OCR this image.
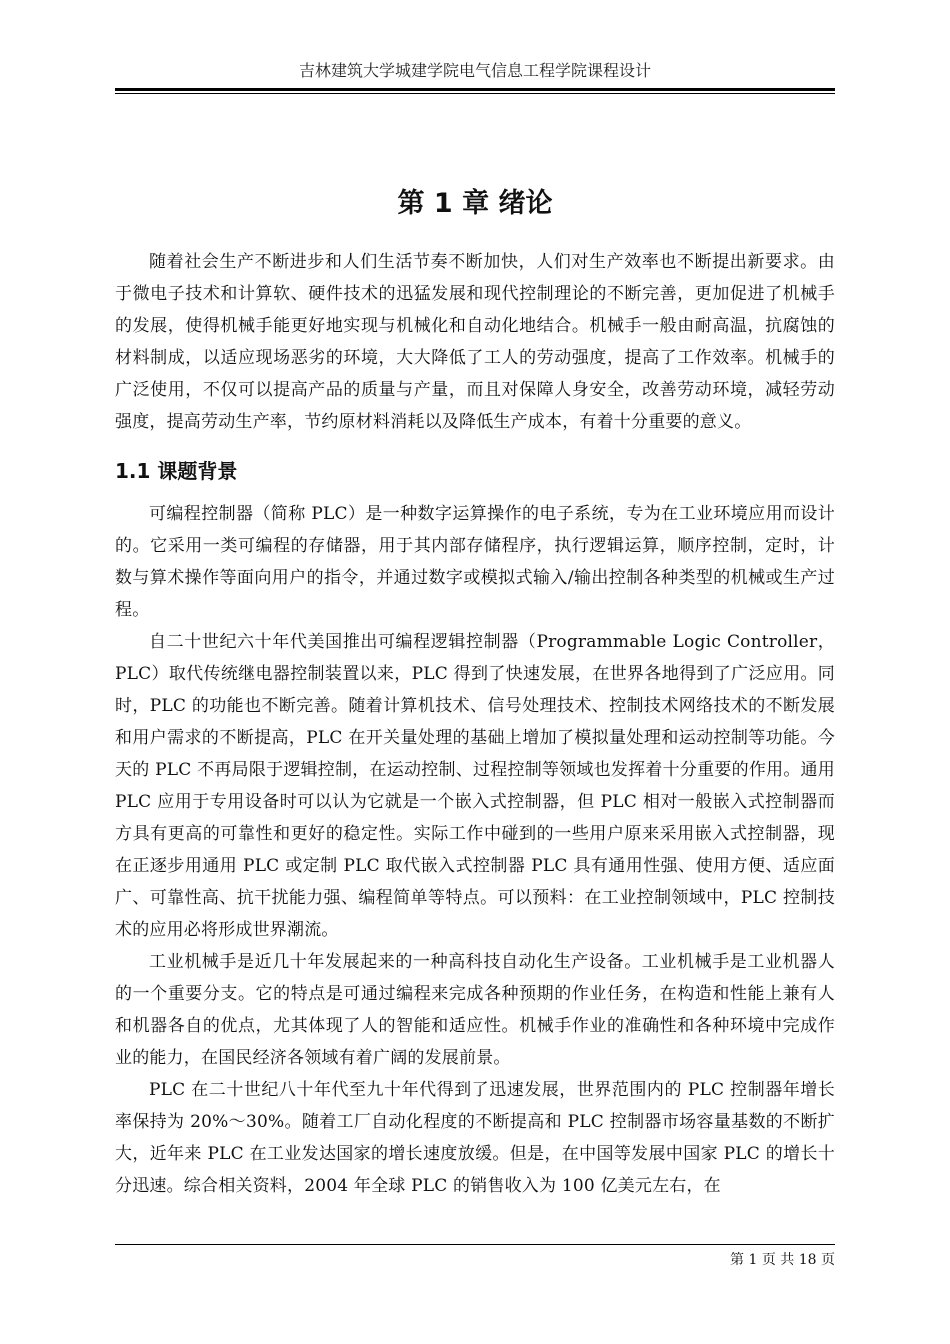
吉林建筑大学城建学院电气信息工程学院课程设计
第 1 章 绪论

随着社会生产不断进步和人们生活节奏不断加快，人们对生产效率也不断提出新要求。由于微电子技术和计算软、硬件技术的迅猛发展和现代控制理论的不断完善，更加促进了机械手的发展，使得机械手能更好地实现与机械化和自动化地结合。机械手一般由耐高温，抗腐蚀的材料制成，以适应现场恶劣的环境，大大降低了工人的劳动强度，提高了工作效率。机械手的广泛使用，不仅可以提高产品的质量与产量，而且对保障人身安全，改善劳动环境，减轻劳动强度，提高劳动生产率，节约原材料消耗以及降低生产成本，有着十分重要的意义。

1.1 课题背景

可编程控制器（简称 PLC）是一种数字运算操作的电子系统，专为在工业环境应用而设计的。它采用一类可编程的存储器，用于其内部存储程序，执行逻辑运算，顺序控制，定时，计数与算术操作等面向用户的指令，并通过数字或模拟式输入/输出控制各种类型的机械或生产过程。

自二十世纪六十年代美国推出可编程逻辑控制器（Programmable Logic Controller，PLC）取代传统继电器控制装置以来，PLC 得到了快速发展，在世界各地得到了广泛应用。同时，PLC 的功能也不断完善。随着计算机技术、信号处理技术、控制技术网络技术的不断发展和用户需求的不断提高，PLC 在开关量处理的基础上增加了模拟量处理和运动控制等功能。今天的 PLC 不再局限于逻辑控制，在运动控制、过程控制等领域也发挥着十分重要的作用。通用 PLC 应用于专用设备时可以认为它就是一个嵌入式控制器，但 PLC 相对一般嵌入式控制器而方具有更高的可靠性和更好的稳定性。实际工作中碰到的一些用户原来采用嵌入式控制器，现在正逐步用通用 PLC 或定制 PLC 取代嵌入式控制器 PLC 具有通用性强、使用方便、适应面广、可靠性高、抗干扰能力强、编程简单等特点。可以预料：在工业控制领域中，PLC 控制技术的应用必将形成世界潮流。

工业机械手是近几十年发展起来的一种高科技自动化生产设备。工业机械手是工业机器人的一个重要分支。它的特点是可通过编程来完成各种预期的作业任务，在构造和性能上兼有人和机器各自的优点，尤其体现了人的智能和适应性。机械手作业的准确性和各种环境中完成作业的能力，在国民经济各领域有着广阔的发展前景。

PLC 在二十世纪八十年代至九十年代得到了迅速发展，世界范围内的 PLC 控制器年增长率保持为 20%～30%。随着工厂自动化程度的不断提高和 PLC 控制器市场容量基数的不断扩大，近年来 PLC 在工业发达国家的增长速度放缓。但是，在中国等发展中国家 PLC 的增长十分迅速。综合相关资料，2004 年全球 PLC 的销售收入为 100 亿美元左右，在

第 1 页 共 18 页
